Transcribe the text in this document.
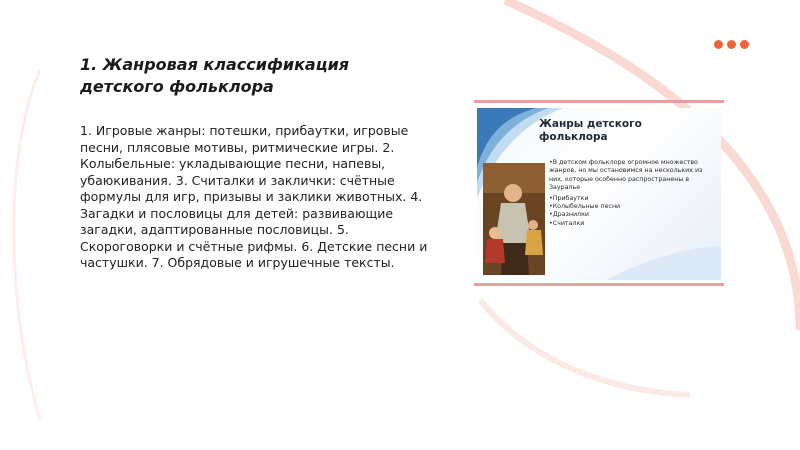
1. Жанровая классификация детского фольклора

1. Игровые жанры: потешки, прибаутки, игровые песни, плясовые мотивы, ритмические игры. 2. Колыбельные: укладывающие песни, напевы, убаюкивания. 3. Считалки и заклички: счётные формулы для игр, призывы и заклики животных. 4. Загадки и пословицы для детей: развивающие загадки, адаптированные пословицы. 5. Скороговорки и счётные рифмы. 6. Детские песни и частушки. 7. Обрядовые и игрушечные тексты.

Жанры детского фольклора
•В детском фольклоре огромное множество жанров, но мы остановимся на нескольких из них, которые особенно распространены в Зауралье
•Прибаутки
•Колыбельные песни
•Дразнилки
•Считалки
